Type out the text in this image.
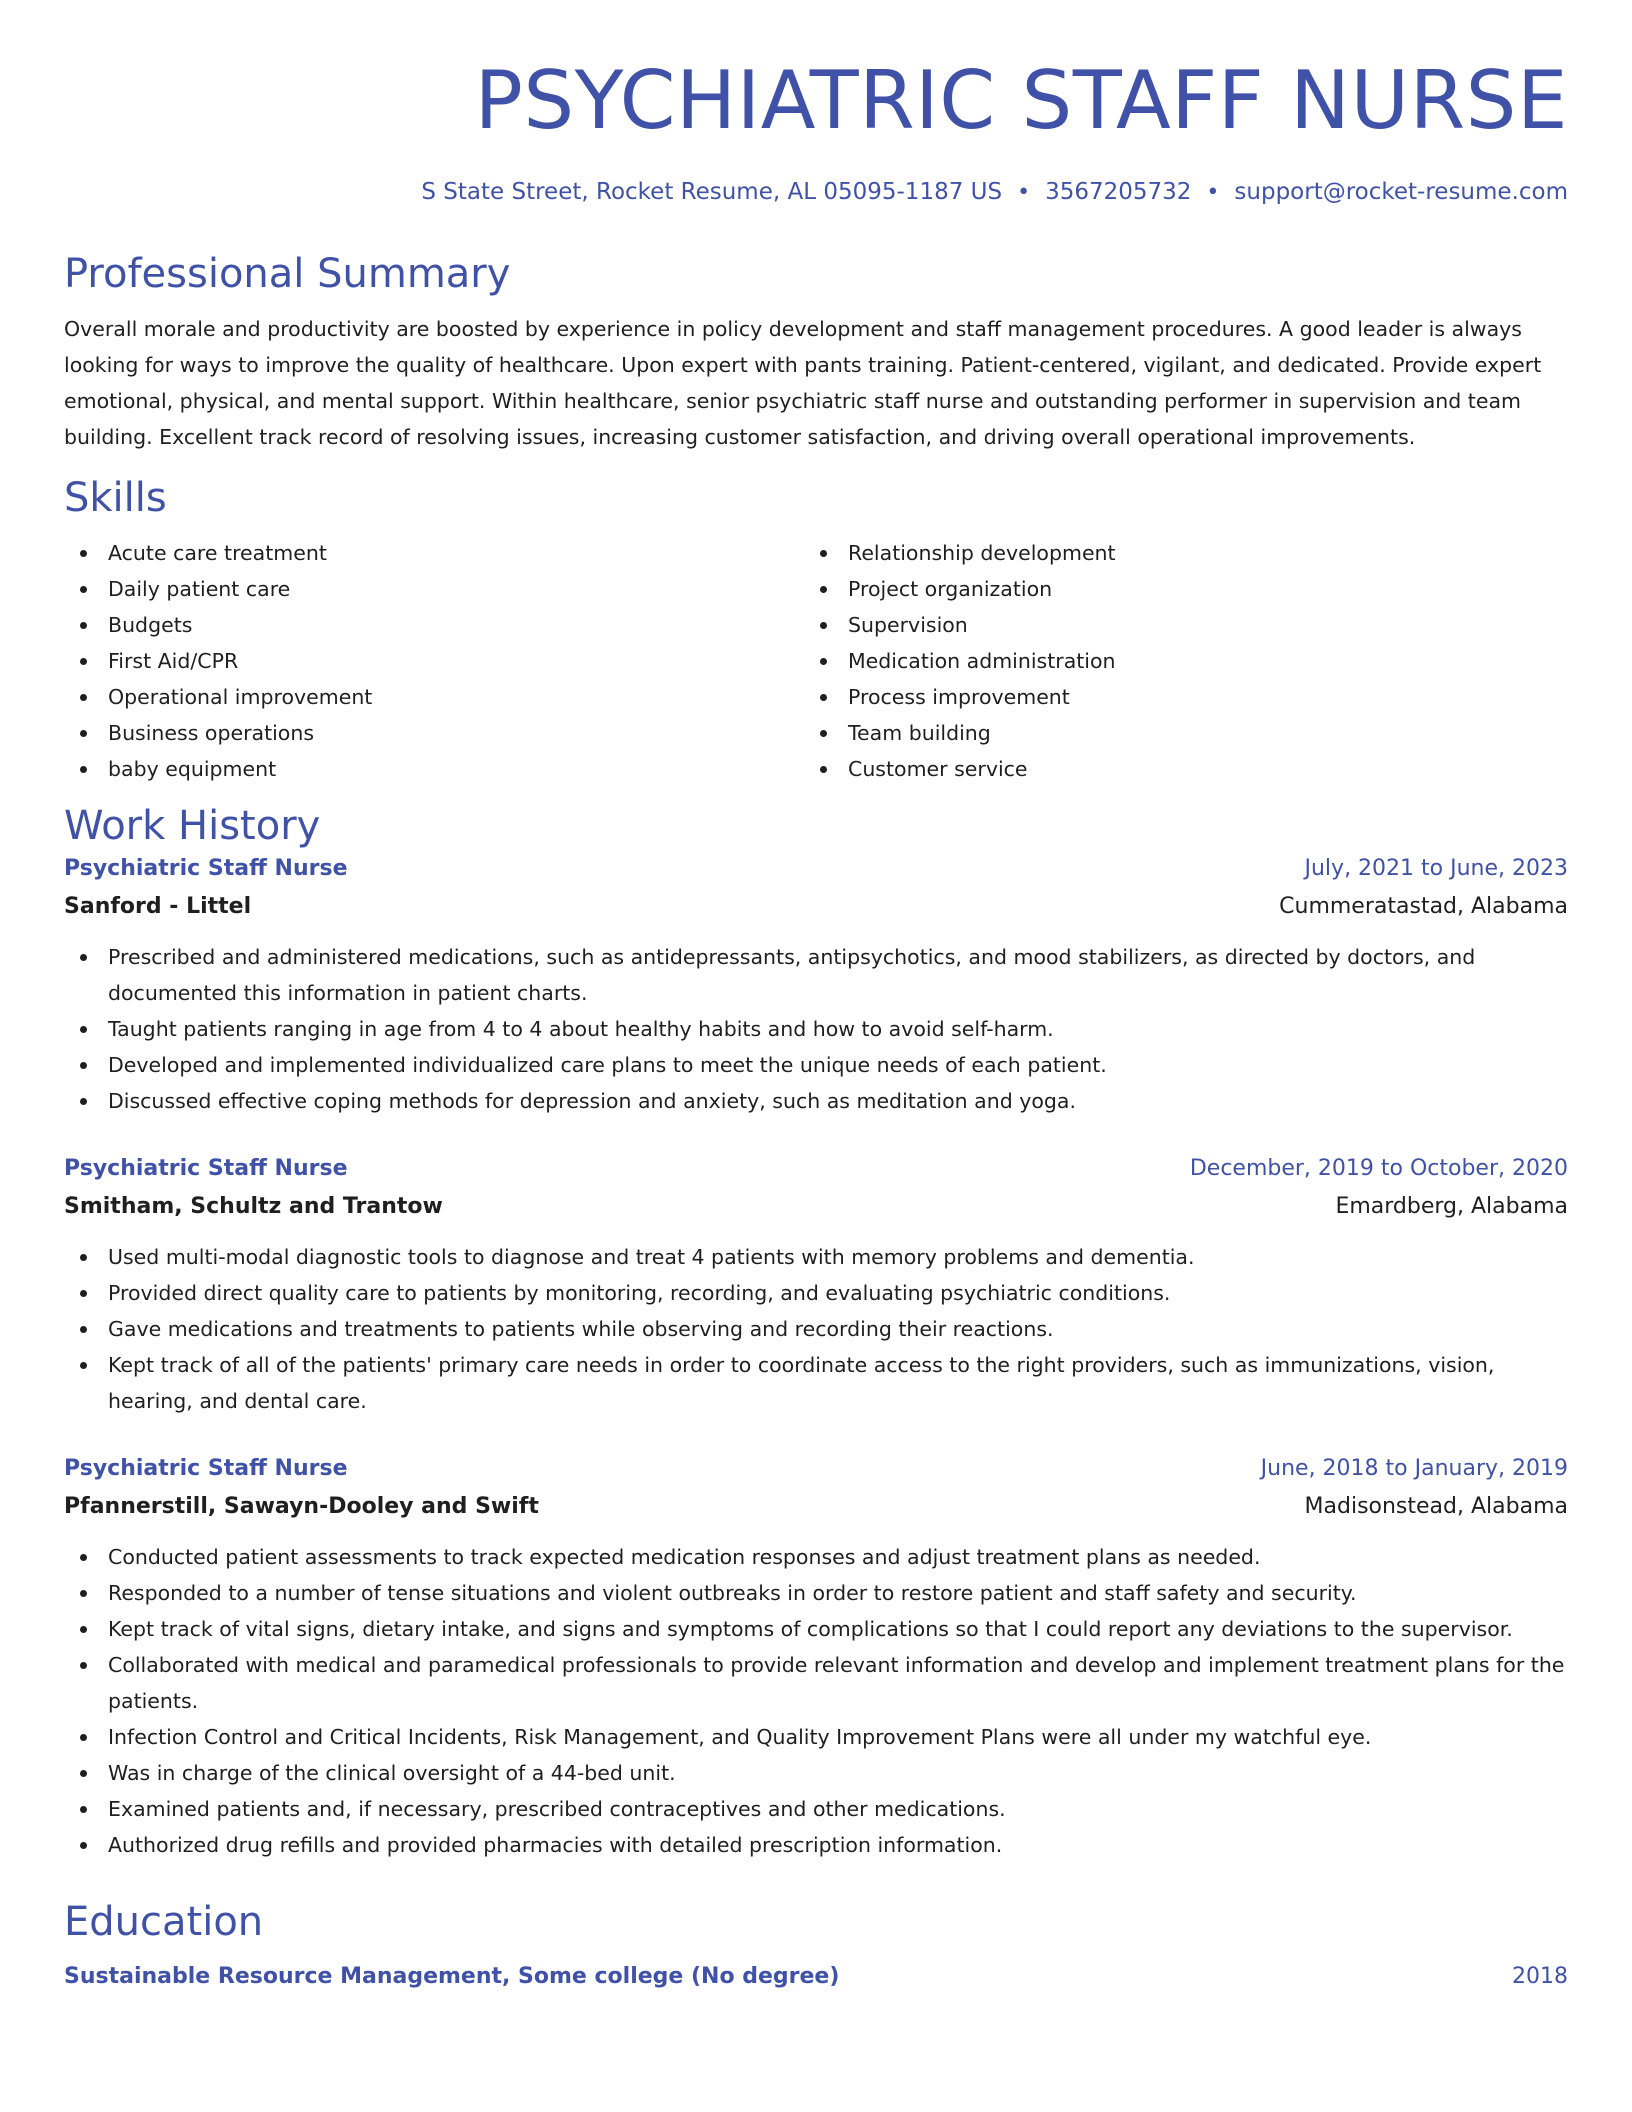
PSYCHIATRIC STAFF NURSE
S State Street, Rocket Resume, AL 05095-1187 US • 3567205732 • support@rocket-resume.com
Professional Summary
Overall morale and productivity are boosted by experience in policy development and staff management procedures. A good leader is always looking for ways to improve the quality of healthcare. Upon expert with pants training. Patient-centered, vigilant, and dedicated. Provide expert emotional, physical, and mental support. Within healthcare, senior psychiatric staff nurse and outstanding performer in supervision and team building. Excellent track record of resolving issues, increasing customer satisfaction, and driving overall operational improvements.
Skills
Acute care treatment
Daily patient care
Budgets
First Aid/CPR
Operational improvement
Business operations
baby equipment
Relationship development
Project organization
Supervision
Medication administration
Process improvement
Team building
Customer service
Work History
Psychiatric Staff Nurse	July, 2021 to June, 2023
Sanford - Littel	Cummeratastad, Alabama
Prescribed and administered medications, such as antidepressants, antipsychotics, and mood stabilizers, as directed by doctors, and documented this information in patient charts.
Taught patients ranging in age from 4 to 4 about healthy habits and how to avoid self-harm.
Developed and implemented individualized care plans to meet the unique needs of each patient.
Discussed effective coping methods for depression and anxiety, such as meditation and yoga.
Psychiatric Staff Nurse	December, 2019 to October, 2020
Smitham, Schultz and Trantow	Emardberg, Alabama
Used multi-modal diagnostic tools to diagnose and treat 4 patients with memory problems and dementia.
Provided direct quality care to patients by monitoring, recording, and evaluating psychiatric conditions.
Gave medications and treatments to patients while observing and recording their reactions.
Kept track of all of the patients' primary care needs in order to coordinate access to the right providers, such as immunizations, vision, hearing, and dental care.
Psychiatric Staff Nurse	June, 2018 to January, 2019
Pfannerstill, Sawayn-Dooley and Swift	Madisonstead, Alabama
Conducted patient assessments to track expected medication responses and adjust treatment plans as needed.
Responded to a number of tense situations and violent outbreaks in order to restore patient and staff safety and security.
Kept track of vital signs, dietary intake, and signs and symptoms of complications so that I could report any deviations to the supervisor.
Collaborated with medical and paramedical professionals to provide relevant information and develop and implement treatment plans for the patients.
Infection Control and Critical Incidents, Risk Management, and Quality Improvement Plans were all under my watchful eye.
Was in charge of the clinical oversight of a 44-bed unit.
Examined patients and, if necessary, prescribed contraceptives and other medications.
Authorized drug refills and provided pharmacies with detailed prescription information.
Education
Sustainable Resource Management, Some college (No degree)	2018
